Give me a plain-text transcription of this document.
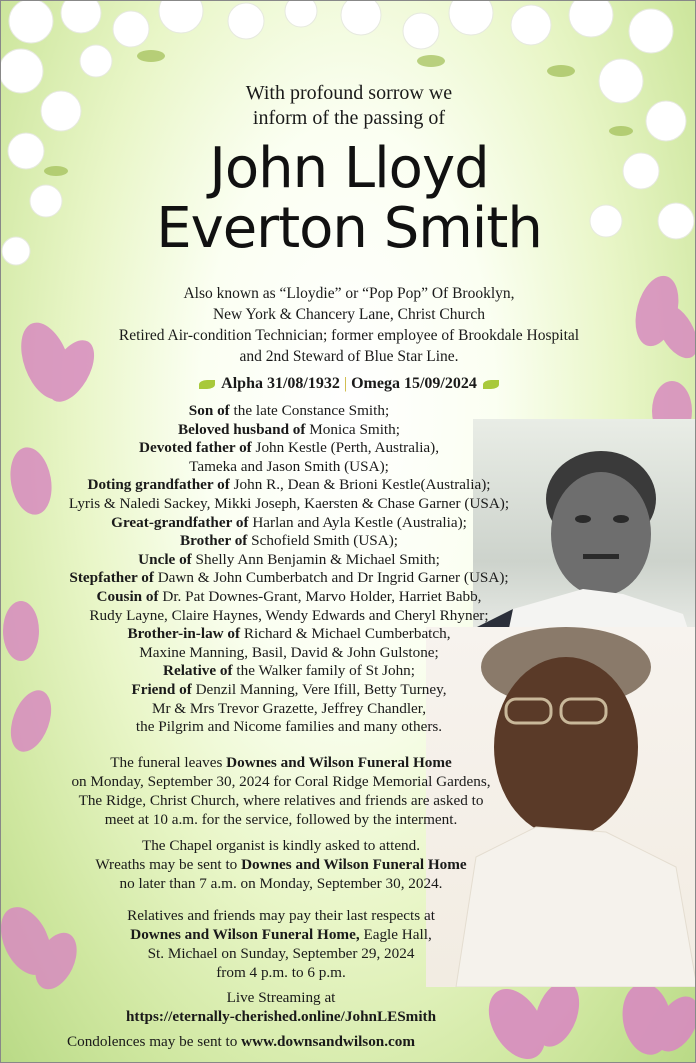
With profound sorrow we
inform of the passing of
John Lloyd
Everton Smith
Also known as “Lloydie” or “Pop Pop” Of Brooklyn,
New York & Chancery Lane, Christ Church
Retired Air-condition Technician; former employee of Brookdale Hospital
and 2nd Steward of Blue Star Line.
Alpha 31/08/1932 | Omega 15/09/2024
Son of the late Constance Smith;
Beloved husband of Monica Smith;
Devoted father of John Kestle (Perth, Australia),
Tameka and Jason Smith (USA);
Doting grandfather of John R., Dean & Brioni Kestle(Australia);
Lyris & Naledi Sackey, Mikki Joseph, Kaersten & Chase Garner (USA);
Great-grandfather of Harlan and Ayla Kestle (Australia);
Brother of Schofield Smith (USA);
Uncle of Shelly Ann Benjamin & Michael Smith;
Stepfather of Dawn & John Cumberbatch and Dr Ingrid Garner (USA);
Cousin of Dr. Pat Downes-Grant, Marvo Holder, Harriet Babb,
Rudy Layne, Claire Haynes, Wendy Edwards and Cheryl Rhyner;
Brother-in-law of Richard & Michael Cumberbatch,
Maxine Manning, Basil, David & John Gulstone;
Relative of the Walker family of St John;
Friend of Denzil Manning, Vere Ifill, Betty Turney,
Mr & Mrs Trevor Grazette, Jeffrey Chandler,
the Pilgrim and Nicome families and many others.
The funeral leaves Downes and Wilson Funeral Home
on Monday, September 30, 2024 for Coral Ridge Memorial Gardens,
The Ridge, Christ Church, where relatives and friends are asked to
meet at 10 a.m. for the service, followed by the interment.
The Chapel organist is kindly asked to attend.
Wreaths may be sent to Downes and Wilson Funeral Home
no later than 7 a.m. on Monday, September 30, 2024.
Relatives and friends may pay their last respects at
Downes and Wilson Funeral Home, Eagle Hall,
St. Michael on Sunday, September 29, 2024
from 4 p.m. to 6 p.m.
Live Streaming at
https://eternally-cherished.online/JohnLESmith
Condolences may be sent to www.downsandwilson.com
